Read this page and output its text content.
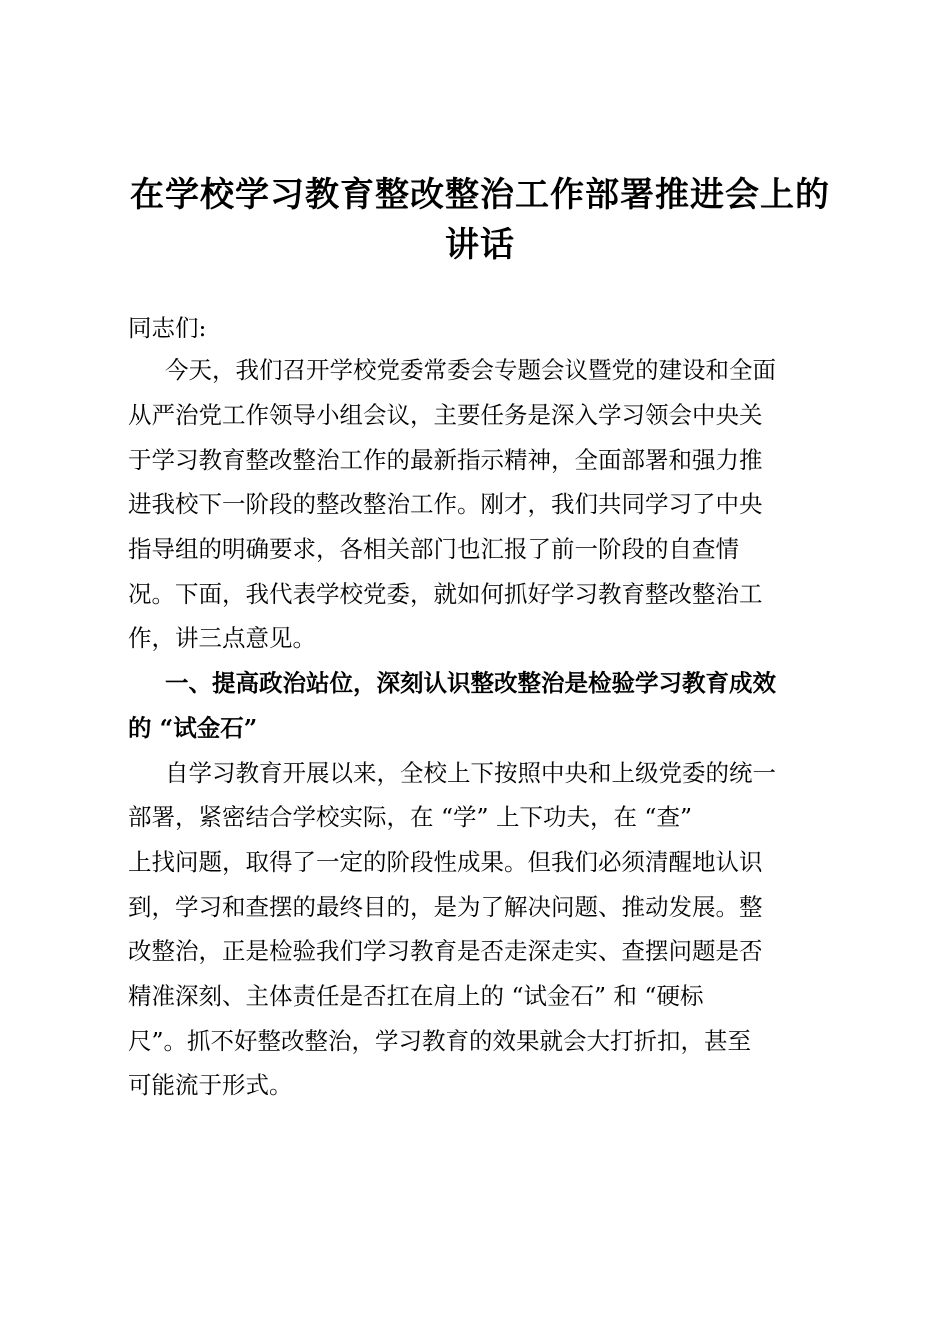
在学校学习教育整改整治工作部署推进会上的
讲话
同志们:
今天，我们召开学校党委常委会专题会议暨党的建设和全面
从严治党工作领导小组会议，主要任务是深入学习领会中央关
于学习教育整改整治工作的最新指示精神，全面部署和强力推
进我校下一阶段的整改整治工作。刚才，我们共同学习了中央
指导组的明确要求，各相关部门也汇报了前一阶段的自查情
况。下面，我代表学校党委，就如何抓好学习教育整改整治工
作，讲三点意见。
一、提高政治站位，深刻认识整改整治是检验学习教育成效
的 “试金石”
自学习教育开展以来，全校上下按照中央和上级党委的统一
部署，紧密结合学校实际，在 “学” 上下功夫，在 “查”
上找问题，取得了一定的阶段性成果。但我们必须清醒地认识
到，学习和查摆的最终目的，是为了解决问题、推动发展。整
改整治，正是检验我们学习教育是否走深走实、查摆问题是否
精准深刻、主体责任是否扛在肩上的 “试金石” 和 “硬标
尺”。抓不好整改整治，学习教育的效果就会大打折扣，甚至
可能流于形式。
